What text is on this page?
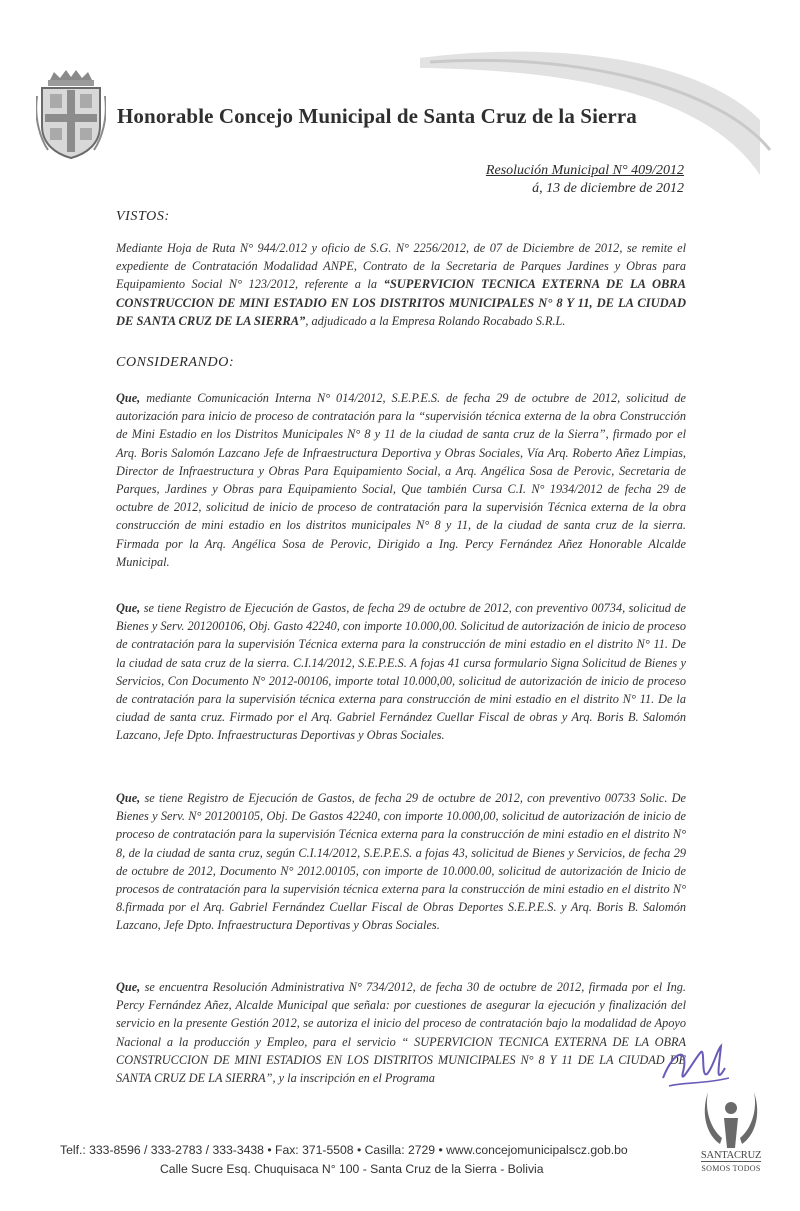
Honorable Concejo Municipal de Santa Cruz de la Sierra
Resolución Municipal N° 409/2012
á, 13 de diciembre de 2012
VISTOS:

Mediante Hoja de Ruta N° 944/2.012 y oficio de S.G. N° 2256/2012, de 07 de Diciembre de 2012, se remite el expediente de Contratación Modalidad ANPE, Contrato de la Secretaria de Parques Jardines y Obras para Equipamiento Social N° 123/2012, referente a la “SUPERVICION TECNICA EXTERNA DE LA OBRA CONSTRUCCION DE MINI ESTADIO EN LOS DISTRITOS MUNICIPALES N° 8 Y 11, DE LA CIUDAD DE SANTA CRUZ DE LA SIERRA”, adjudicado a la Empresa Rolando Rocabado S.R.L.

CONSIDERANDO:

Que, mediante Comunicación Interna N° 014/2012, S.E.P.E.S. de fecha 29 de octubre de 2012, solicitud de autorización para inicio de proceso de contratación para la “supervisión técnica externa de la obra Construcción de Mini Estadio en los Distritos Municipales N° 8 y 11 de la ciudad de santa cruz de la Sierra”, firmado por el Arq. Boris Salomón Lazcano Jefe de Infraestructura Deportiva y Obras Sociales, Vía Arq. Roberto Añez Limpias, Director de Infraestructura y Obras Para Equipamiento Social, a Arq. Angélica Sosa de Perovic, Secretaria de Parques, Jardines y Obras para Equipamiento Social, Que también Cursa C.I. N° 1934/2012 de fecha 29 de octubre de 2012, solicitud de inicio de proceso de contratación para la supervisión Técnica externa de la obra construcción de mini estadio en los distritos municipales N° 8 y 11, de la ciudad de santa cruz de la sierra. Firmada por la Arq. Angélica Sosa de Perovic, Dirigido a Ing. Percy Fernández Añez Honorable Alcalde Municipal.

Que, se tiene Registro de Ejecución de Gastos, de fecha 29 de octubre de 2012, con preventivo 00734, solicitud de Bienes y Serv. 201200106, Obj. Gasto 42240, con importe 10.000,00. Solicitud de autorización de inicio de proceso de contratación para la supervisión Técnica externa para la construcción de mini estadio en el distrito N° 11. De la ciudad de sata cruz de la sierra. C.I.14/2012, S.E.P.E.S. A fojas 41 cursa formulario Signa Solicitud de Bienes y Servicios, Con Documento N° 2012-00106, importe total 10.000,00, solicitud de autorización de inicio de proceso de contratación para la supervisión técnica externa para construcción de mini estadio en el distrito N° 11. De la ciudad de santa cruz. Firmado por el Arq. Gabriel Fernández Cuellar Fiscal de obras y Arq. Boris B. Salomón Lazcano, Jefe Dpto. Infraestructuras Deportivas y Obras Sociales.

Que, se tiene Registro de Ejecución de Gastos, de fecha 29 de octubre de 2012, con preventivo 00733 Solic. De Bienes y Serv. N° 201200105, Obj. De Gastos 42240, con importe 10.000,00, solicitud de autorización de inicio de proceso de contratación para la supervisión Técnica externa para la construcción de mini estadio en el distrito N° 8, de la ciudad de santa cruz, según C.I.14/2012, S.E.P.E.S. a fojas 43, solicitud de Bienes y Servicios, de fecha 29 de octubre de 2012, Documento N° 2012.00105, con importe de 10.000.00, solicitud de autorización de Inicio de procesos de contratación para la supervisión técnica externa para la construcción de mini estadio en el distrito N° 8.firmada por el Arq. Gabriel Fernández Cuellar Fiscal de Obras Deportes S.E.P.E.S. y Arq. Boris B. Salomón Lazcano, Jefe Dpto. Infraestructura Deportivas y Obras Sociales.

Que, se encuentra Resolución Administrativa N° 734/2012, de fecha 30 de octubre de 2012, firmada por el Ing. Percy Fernández Añez, Alcalde Municipal que señala: por cuestiones de asegurar la ejecución y finalización del servicio en la presente Gestión 2012, se autoriza el inicio del proceso de contratación bajo la modalidad de Apoyo Nacional a la producción y Empleo, para el servicio “ SUPERVICION TECNICA EXTERNA DE LA OBRA CONSTRUCCION DE MINI ESTADIOS EN LOS DISTRITOS MUNICIPALES N° 8 Y 11 DE LA CIUDAD DE SANTA CRUZ DE LA SIERRA”, y la inscripción en el Programa

Telf.: 333-8596 / 333-2783 / 333-3438 • Fax: 371-5508 • Casilla: 2729 • www.concejomunicipalscz.gob.bo
Calle Sucre Esq. Chuquisaca N° 100 - Santa Cruz de la Sierra - Bolivia
SANTACRUZ
SOMOS TODOS
